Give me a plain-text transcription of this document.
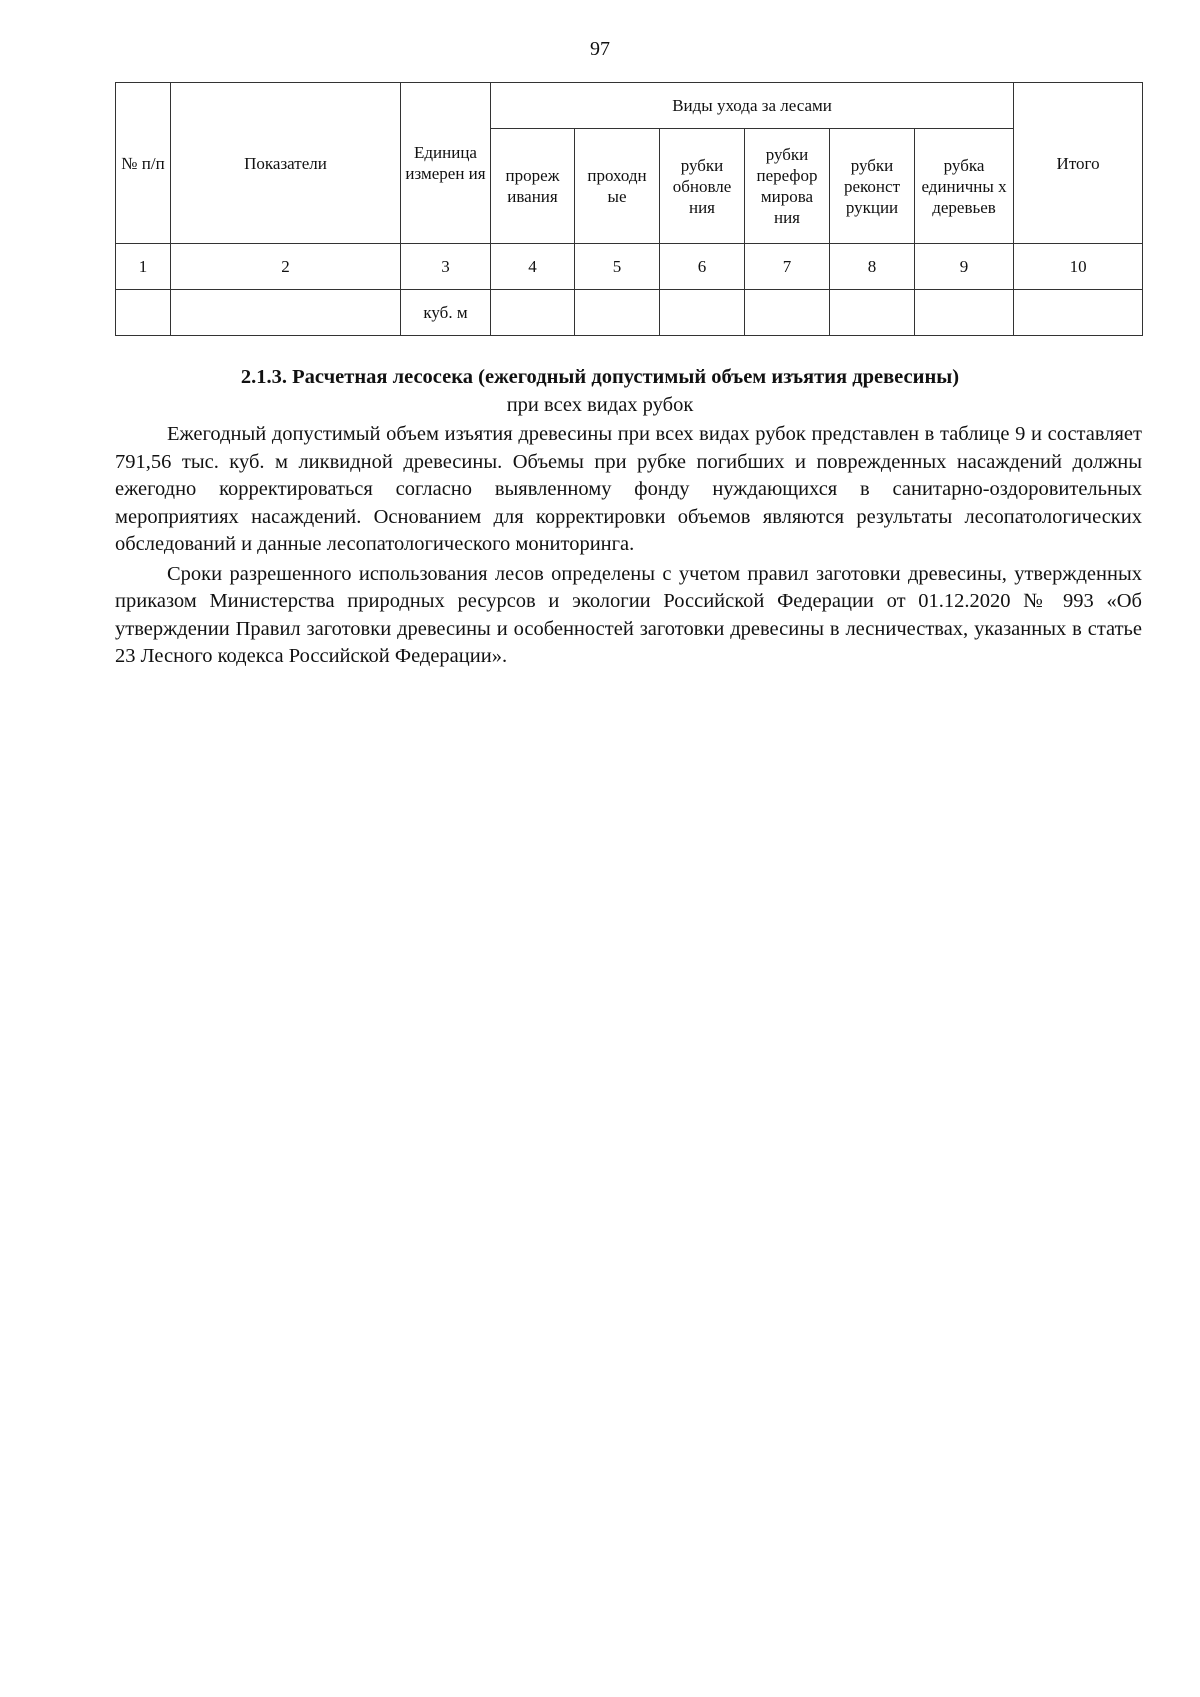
97
№ п/п	Показатели	Единица измерен ия	Виды ухода за лесами						Итого
			прореж ивания	проходн ые	рубки обновле ния	рубки перефор мирова ния	рубки реконст рукции	рубка единичны х деревьев	
1	2	3	4	5	6	7	8	9	10
		куб. м							
2.1.3. Расчетная лесосека (ежегодный допустимый объем изъятия древесины)
при всех видах рубок

Ежегодный допустимый объем изъятия древесины при всех видах рубок представлен в таблице 9 и составляет 791,56 тыс. куб. м ликвидной древесины. Объемы при рубке погибших и поврежденных насаждений должны ежегодно корректироваться согласно выявленному фонду нуждающихся в санитарно-оздоровительных мероприятиях насаждений. Основанием для корректировки объемов являются результаты лесопатологических обследований и данные лесопатологического мониторинга.

Сроки разрешенного использования лесов определены с учетом правил заготовки древесины, утвержденных приказом Министерства природных ресурсов и экологии Российской Федерации от 01.12.2020 № 993 «Об утверждении Правил заготовки древесины и особенностей заготовки древесины в лесничествах, указанных в статье 23 Лесного кодекса Российской Федерации».
